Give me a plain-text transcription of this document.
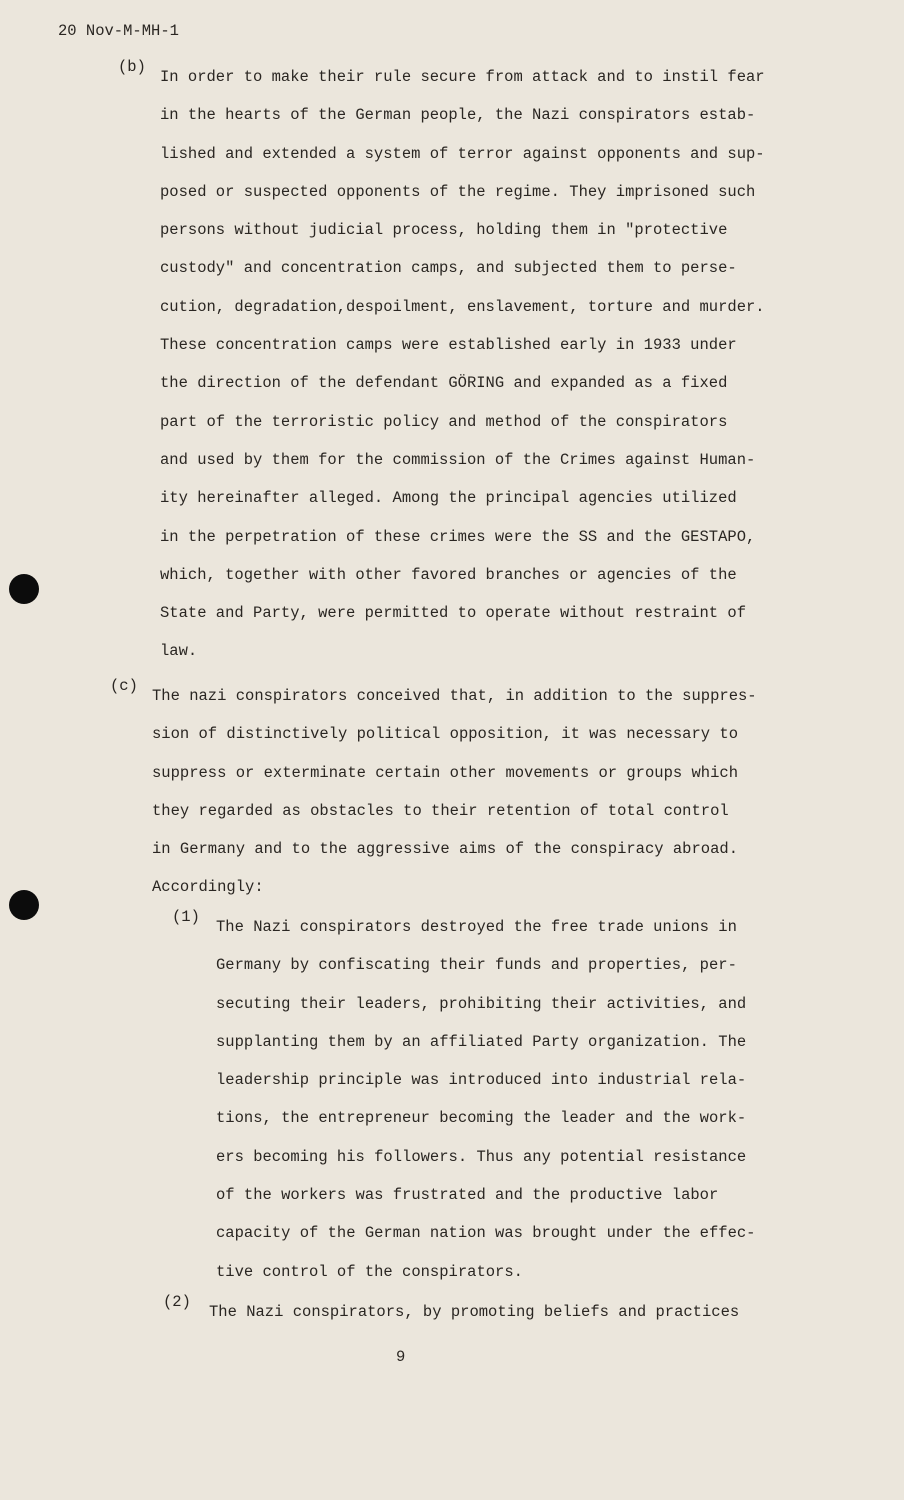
20 Nov-M-MH-1
(b)

In order to make their rule secure from attack and to instil fear
in the hearts of the German people, the Nazi conspirators estab-
lished and extended a system of terror against opponents and sup-
posed or suspected opponents of the regime. They imprisoned such
persons without judicial process, holding them in "protective
custody" and concentration camps, and subjected them to perse-
cution, degradation,despoilment, enslavement, torture and murder.
These concentration camps were established early in 1933 under
the direction of the defendant GÖRING and expanded as a fixed
part of the terroristic policy and method of the conspirators
and used by them for the commission of the Crimes against Human-
ity hereinafter alleged. Among the principal agencies utilized
in the perpetration of these crimes were the SS and the GESTAPO,
which, together with other favored branches or agencies of the
State and Party, were permitted to operate without restraint of
law.

(c)

The nazi conspirators conceived that, in addition to the suppres-
sion of distinctively political opposition, it was necessary to
suppress or exterminate certain other movements or groups which
they regarded as obstacles to their retention of total control
in Germany and to the aggressive aims of the conspiracy abroad.
Accordingly:

(1)

The Nazi conspirators destroyed the free trade unions in
Germany by confiscating their funds and properties, per-
secuting their leaders, prohibiting their activities, and
supplanting them by an affiliated Party organization. The
leadership principle was introduced into industrial rela-
tions, the entrepreneur becoming the leader and the work-
ers becoming his followers. Thus any potential resistance
of the workers was frustrated and the productive labor
capacity of the German nation was brought under the effec-
tive control of the conspirators.

(2)

The Nazi conspirators, by promoting beliefs and practices

9
